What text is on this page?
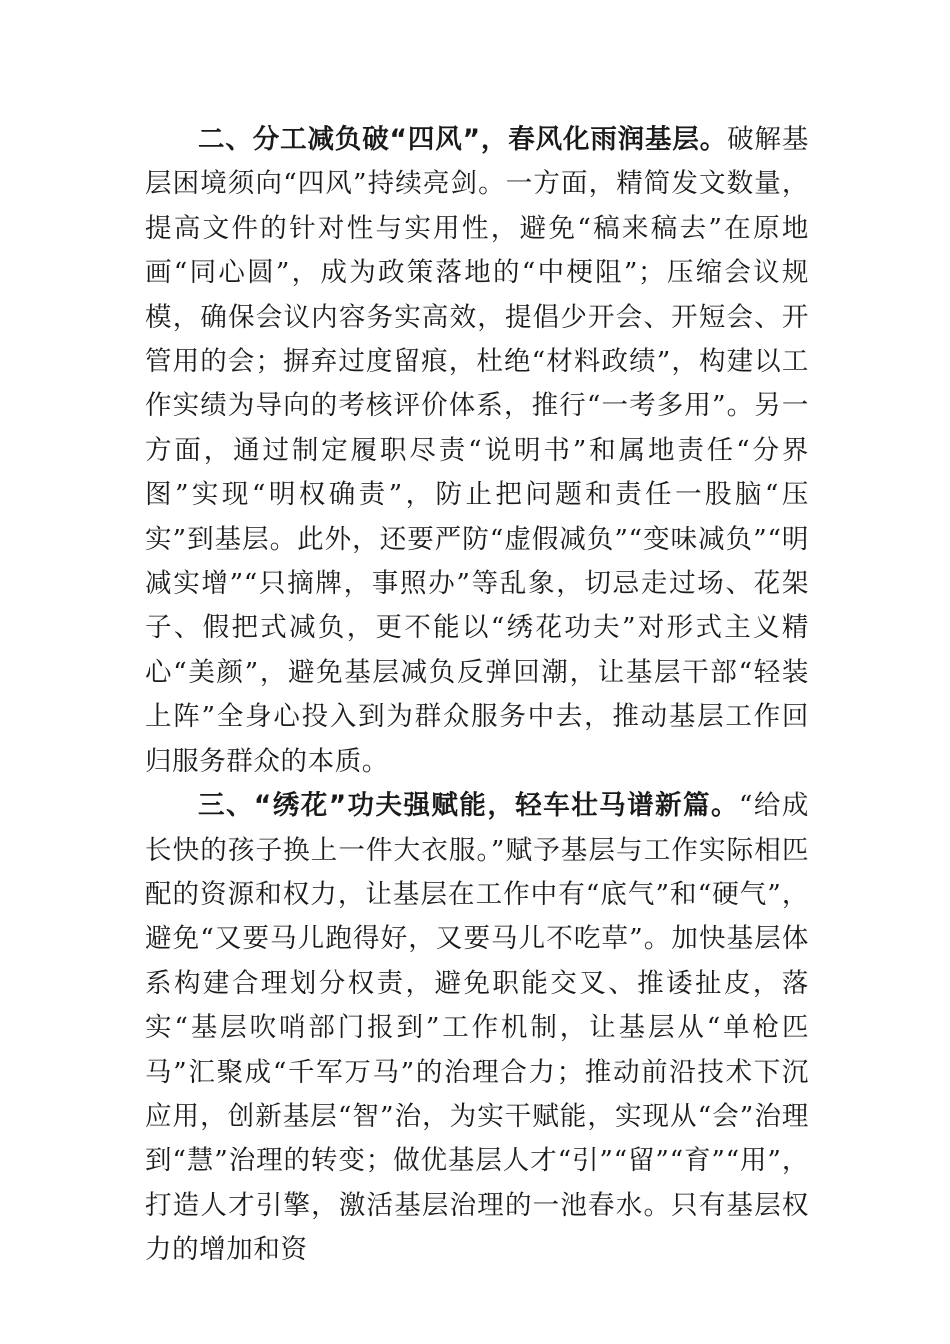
二、分工减负破“四风”，春风化雨润基层。破解基层困境须向“四风”持续亮剑。一方面，精简发文数量，提高文件的针对性与实用性，避免“稿来稿去”在原地画“同心圆”，成为政策落地的“中梗阻”；压缩会议规模，确保会议内容务实高效，提倡少开会、开短会、开管用的会；摒弃过度留痕，杜绝“材料政绩”，构建以工作实绩为导向的考核评价体系，推行“一考多用”。另一方面，通过制定履职尽责“说明书”和属地责任“分界图”实现“明权确责”，防止把问题和责任一股脑“压实”到基层。此外，还要严防“虚假减负”“变味减负”“明减实增”“只摘牌，事照办”等乱象，切忌走过场、花架子、假把式减负，更不能以“绣花功夫”对形式主义精心“美颜”，避免基层减负反弹回潮，让基层干部“轻装上阵”全身心投入到为群众服务中去，推动基层工作回归服务群众的本质。

三、“绣花”功夫强赋能，轻车壮马谱新篇。“给成长快的孩子换上一件大衣服。”赋予基层与工作实际相匹配的资源和权力，让基层在工作中有“底气”和“硬气”，避免“又要马儿跑得好，又要马儿不吃草”。加快基层体系构建合理划分权责，避免职能交叉、推诿扯皮，落实“基层吹哨部门报到”工作机制，让基层从“单枪匹马”汇聚成“千军万马”的治理合力；推动前沿技术下沉应用，创新基层“智”治，为实干赋能，实现从“会”治理到“慧”治理的转变；做优基层人才“引”“留”“育”“用”，打造人才引擎，激活基层治理的一池春水。只有基层权力的增加和资
